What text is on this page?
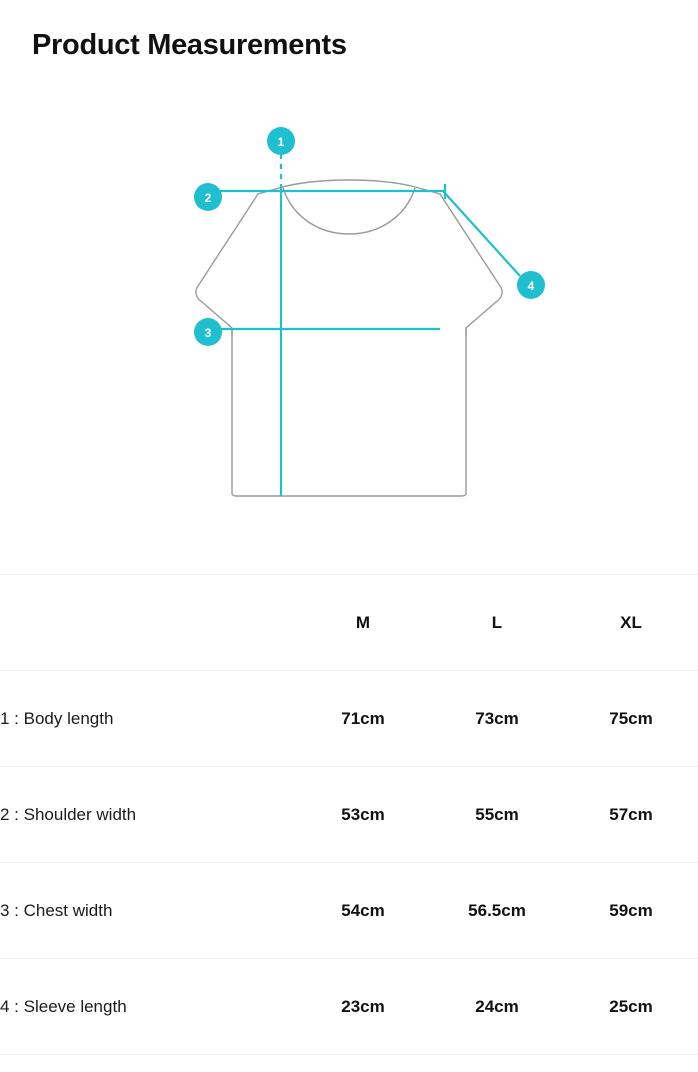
Product Measurements
1
2
3
4
	M	L	XL
1 : Body length	71cm	73cm	75cm
2 : Shoulder width	53cm	55cm	57cm
3 : Chest width	54cm	56.5cm	59cm
4 : Sleeve length	23cm	24cm	25cm
